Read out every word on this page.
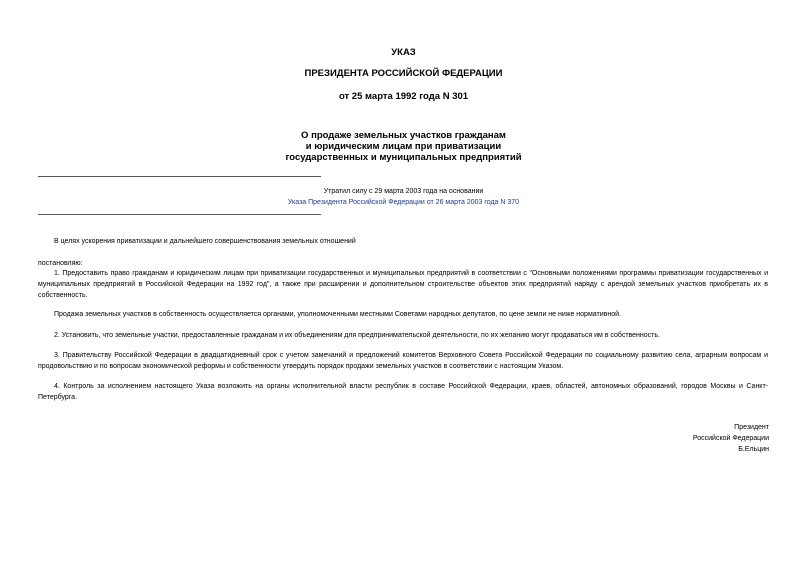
УКАЗ
ПРЕЗИДЕНТА РОССИЙСКОЙ ФЕДЕРАЦИИ
от 25 марта 1992 года N 301
О продаже земельных участков гражданам
и юридическим лицам при приватизации
государственных и муниципальных предприятий
Утратил силу с 29 марта 2003 года на основании
Указа Президента Российской Федерации от 26 марта 2003 года N 370
В целях ускорения приватизации и дальнейшего совершенствования земельных отношений
постановляю:
1. Предоставить право гражданам и юридическим лицам при приватизации государственных и муниципальных предприятий в соответствии с "Основными положениями программы приватизации государственных и муниципальных предприятий в Российской Федерации на 1992 год", а также при расширении и дополнительном строительстве объектов этих предприятий наряду с арендой земельных участков приобретать их в собственность.
Продажа земельных участков в собственность осуществляется органами, уполномоченными местными Советами народных депутатов, по цене земли не ниже нормативной.
2. Установить, что земельные участки, предоставленные гражданам и их объединениям для предпринимательской деятельности, по их желанию могут продаваться им в собственность.
3. Правительству Российской Федерации в двадцатидневный срок с учетом замечаний и предложений комитетов Верховного Совета Российской Федерации по социальному развитию села, аграрным вопросам и продовольствию и по вопросам экономической реформы и собственности утвердить порядок продажи земельных участков в соответствии с настоящим Указом.
4. Контроль за исполнением настоящего Указа возложить на органы исполнительной власти республик в составе Российской Федерации, краев, областей, автономных образований, городов Москвы и Санкт-Петербурга.
Президент
Российской Федерации
Б.Ельцин
